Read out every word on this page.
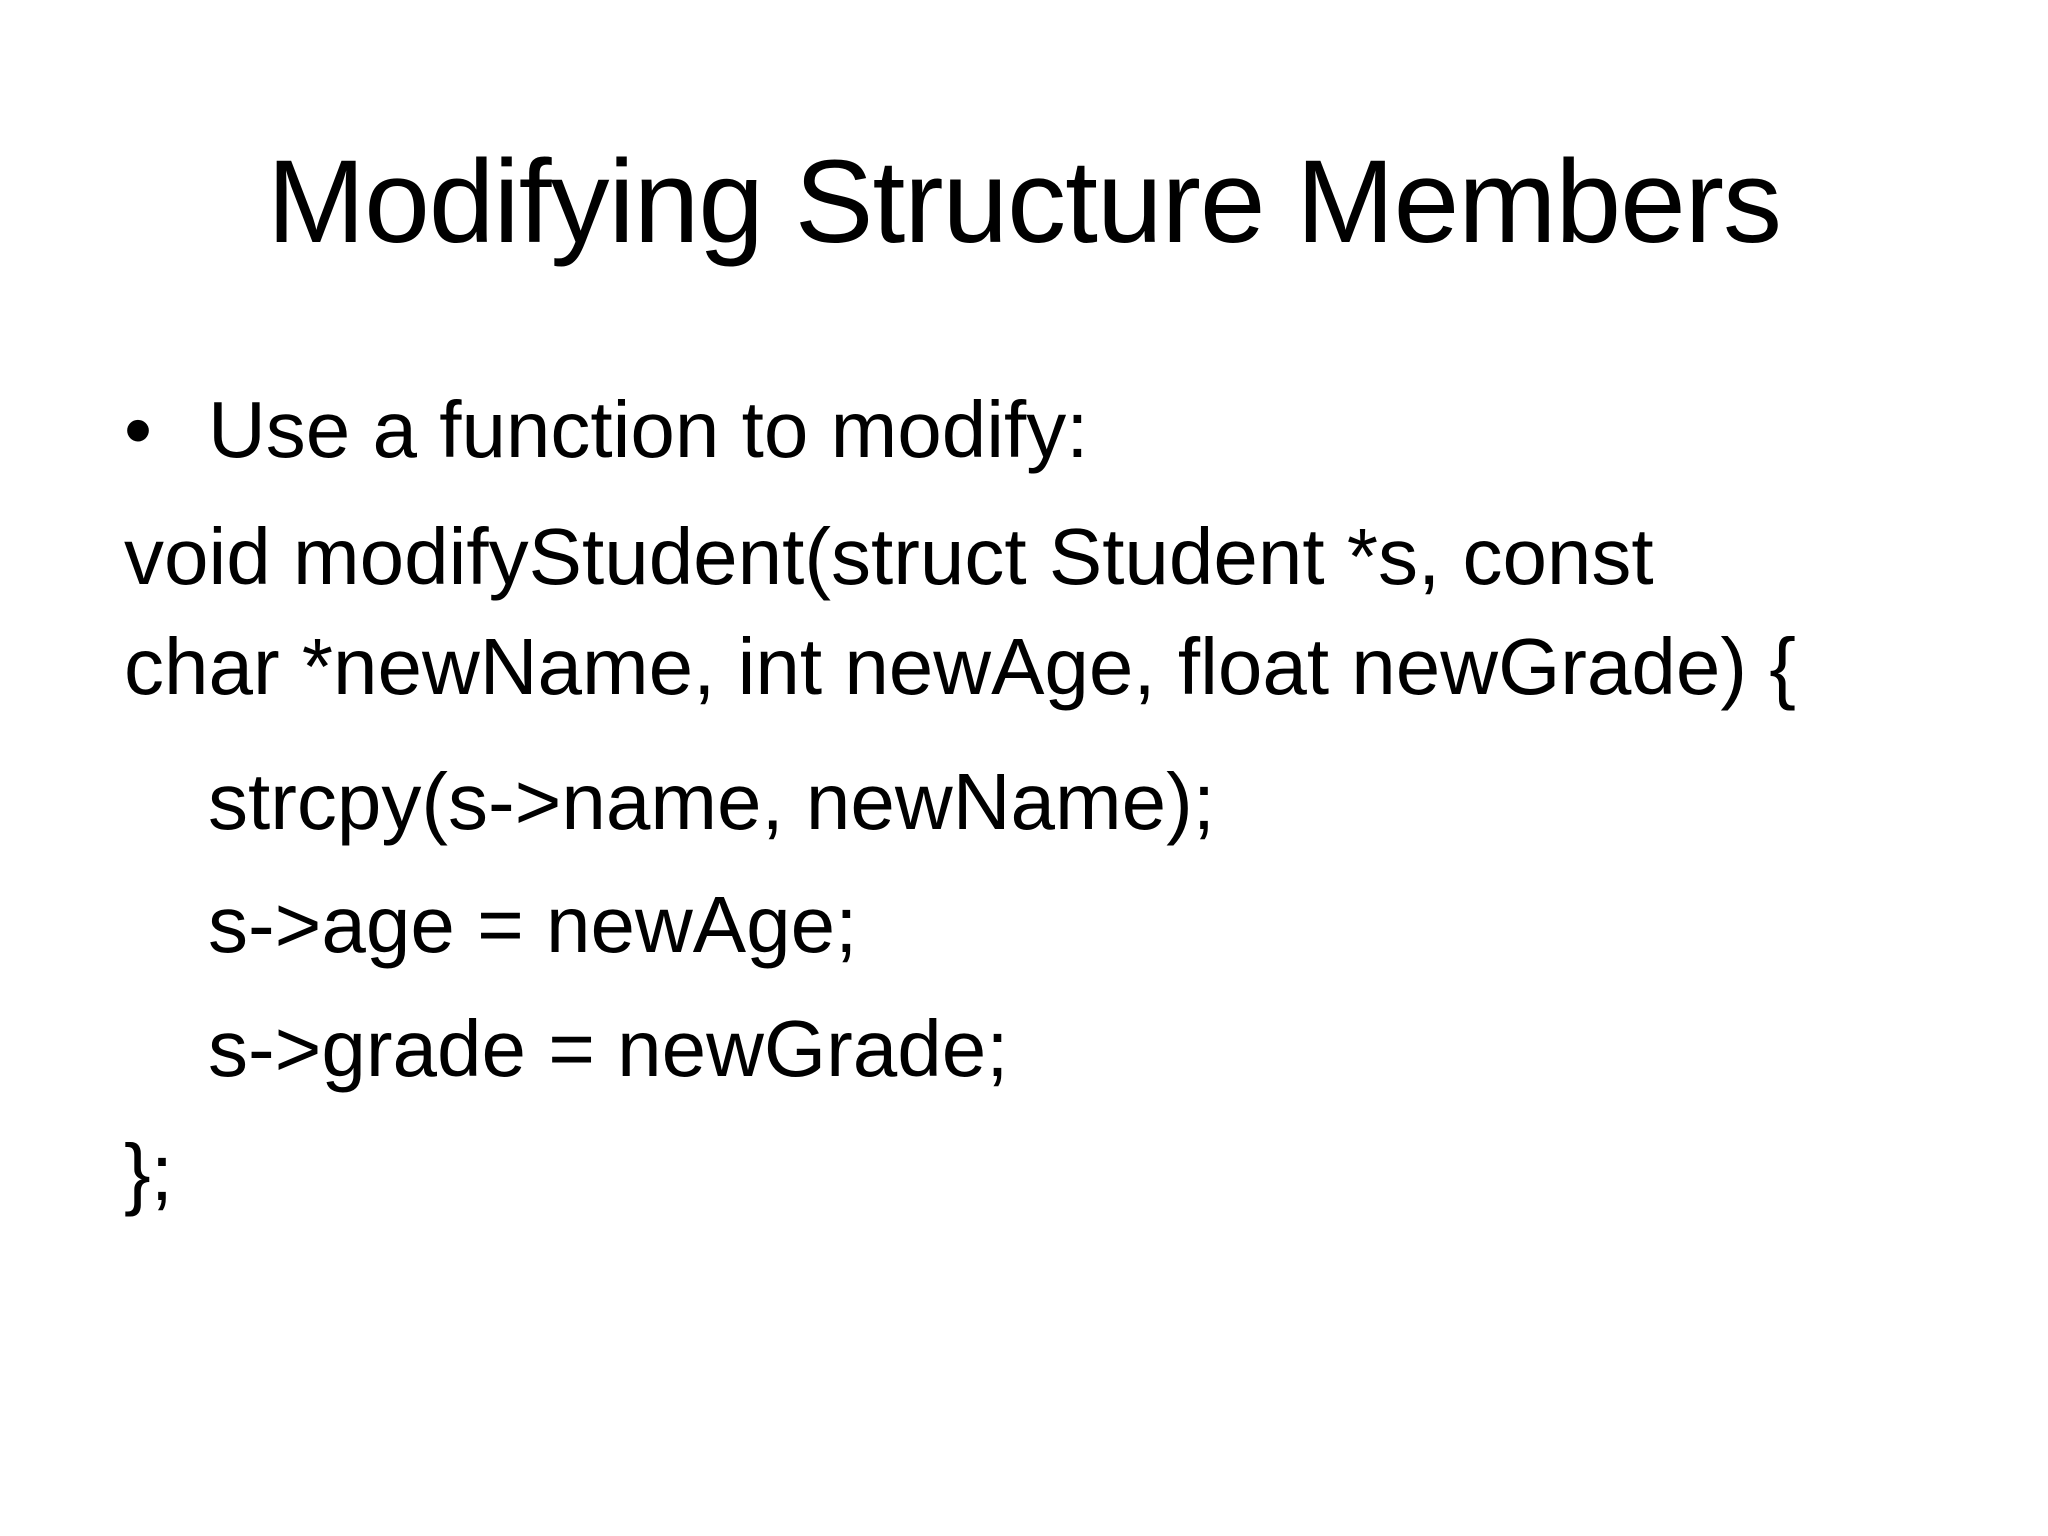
Modifying Structure Members
• Use a function to modify:
void modifyStudent(struct Student *s, const
char *newName, int newAge, float newGrade) {
strcpy(s->name, newName);
s->age = newAge;
s->grade = newGrade;
};
